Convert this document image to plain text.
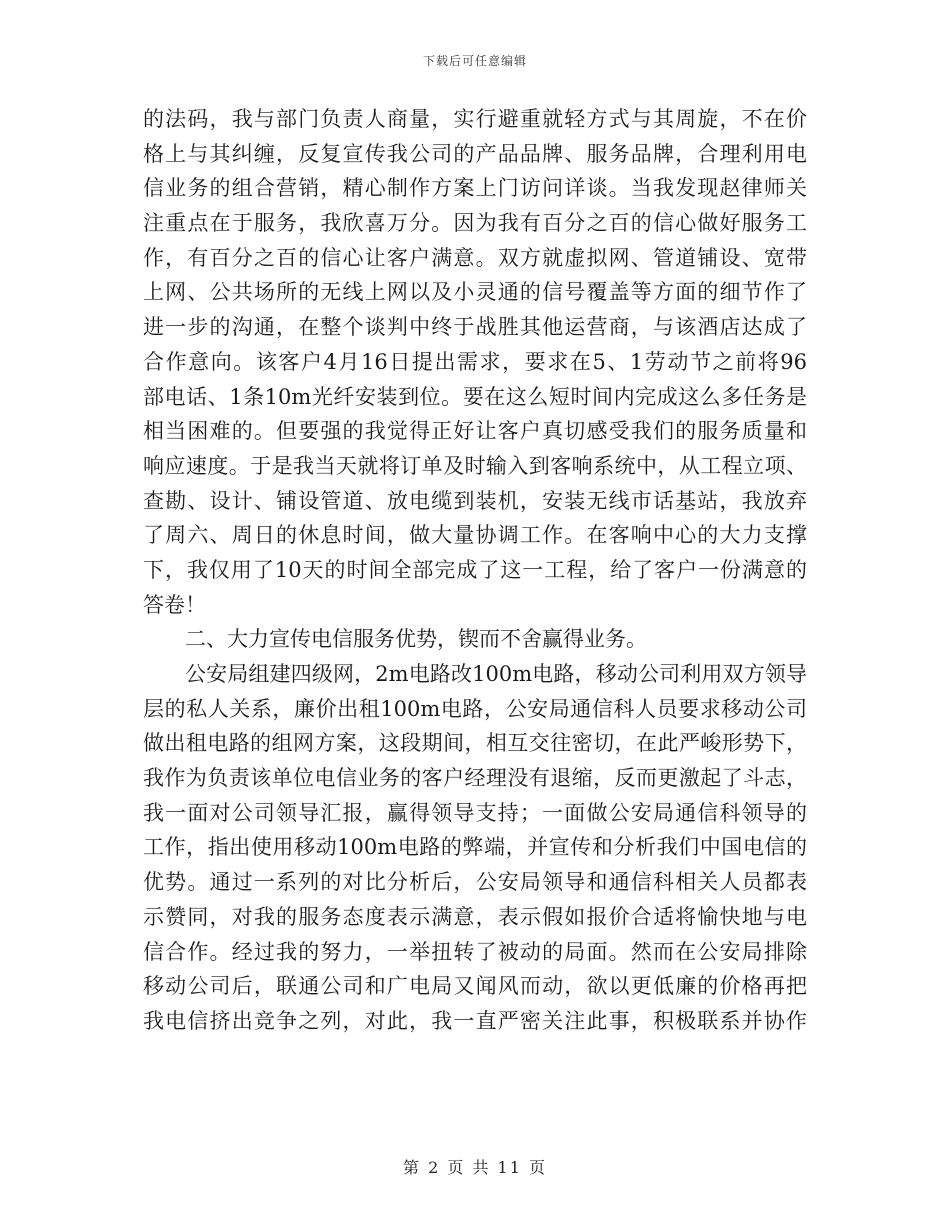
下载后可任意编辑
的法码，我与部门负责人商量，实行避重就轻方式与其周旋，不在价
格上与其纠缠，反复宣传我公司的产品品牌、服务品牌，合理利用电
信业务的组合营销，精心制作方案上门访问详谈。当我发现赵律师关
注重点在于服务，我欣喜万分。因为我有百分之百的信心做好服务工
作，有百分之百的信心让客户满意。双方就虚拟网、管道铺设、宽带
上网、公共场所的无线上网以及小灵通的信号覆盖等方面的细节作了
进一步的沟通，在整个谈判中终于战胜其他运营商，与该酒店达成了
合作意向。该客户4月16日提出需求，要求在5、1劳动节之前将96
部电话、1条10m光纤安装到位。要在这么短时间内完成这么多任务是
相当困难的。但要强的我觉得正好让客户真切感受我们的服务质量和
响应速度。于是我当天就将订单及时输入到客响系统中，从工程立项、
查勘、设计、铺设管道、放电缆到装机，安装无线市话基站，我放弃
了周六、周日的休息时间，做大量协调工作。在客响中心的大力支撑
下，我仅用了10天的时间全部完成了这一工程，给了客户一份满意的
答卷！
二、大力宣传电信服务优势，锲而不舍赢得业务。
公安局组建四级网，2m电路改100m电路，移动公司利用双方领导
层的私人关系，廉价出租100m电路，公安局通信科人员要求移动公司
做出租电路的组网方案，这段期间，相互交往密切，在此严峻形势下，
我作为负责该单位电信业务的客户经理没有退缩，反而更激起了斗志，
我一面对公司领导汇报，赢得领导支持；一面做公安局通信科领导的
工作，指出使用移动100m电路的弊端，并宣传和分析我们中国电信的
优势。通过一系列的对比分析后，公安局领导和通信科相关人员都表
示赞同，对我的服务态度表示满意，表示假如报价合适将愉快地与电
信合作。经过我的努力，一举扭转了被动的局面。然而在公安局排除
移动公司后，联通公司和广电局又闻风而动，欲以更低廉的价格再把
我电信挤出竞争之列，对此，我一直严密关注此事，积极联系并协作
第 2 页 共 11 页
